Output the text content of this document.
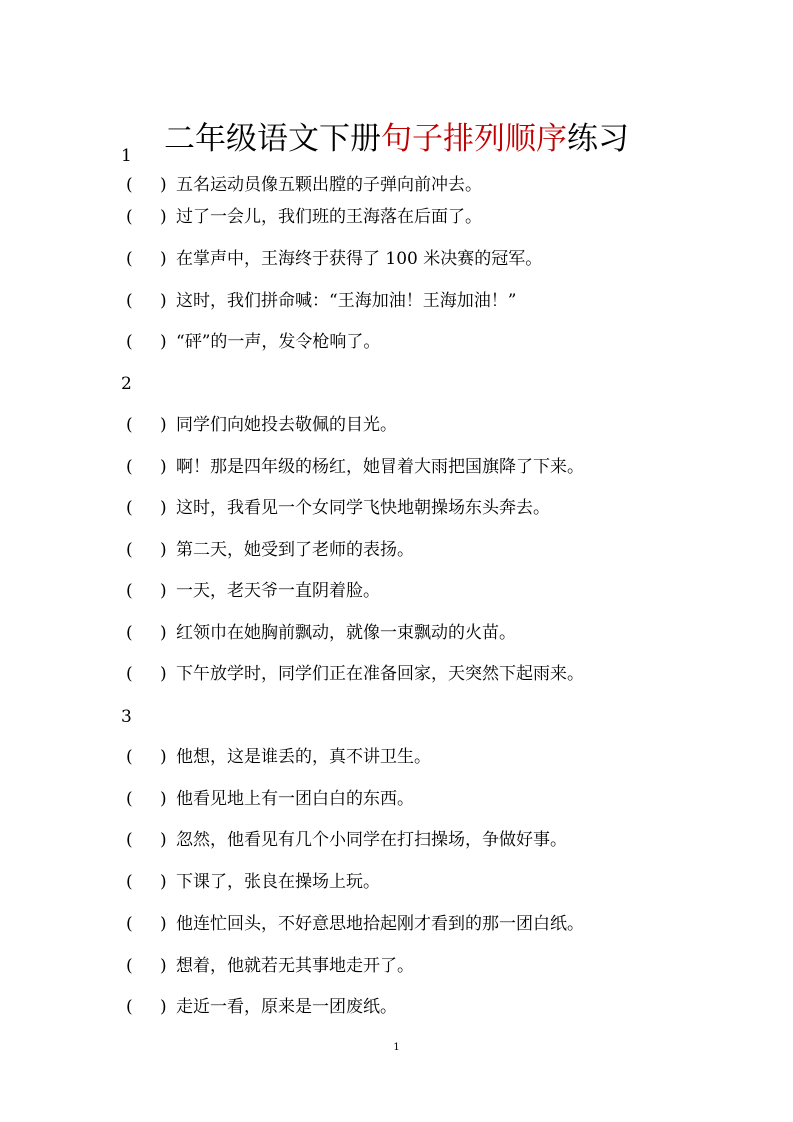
二年级语文下册句子排列顺序练习
1
( ) 五名运动员像五颗出膛的子弹向前冲去。
( ) 过了一会儿，我们班的王海落在后面了。
( ) 在掌声中，王海终于获得了 100 米决赛的冠军。
( ) 这时，我们拼命喊：“王海加油！王海加油！”
( ) “砰”的一声，发令枪响了。
2
( ) 同学们向她投去敬佩的目光。
( ) 啊！那是四年级的杨红，她冒着大雨把国旗降了下来。
( ) 这时，我看见一个女同学飞快地朝操场东头奔去。
( ) 第二天，她受到了老师的表扬。
( ) 一天，老天爷一直阴着脸。
( ) 红领巾在她胸前飘动，就像一束飘动的火苗。
( ) 下午放学时，同学们正在准备回家，天突然下起雨来。
3
( ) 他想，这是谁丢的，真不讲卫生。
( ) 他看见地上有一团白白的东西。
( ) 忽然，他看见有几个小同学在打扫操场，争做好事。
( ) 下课了，张良在操场上玩。
( ) 他连忙回头，不好意思地拾起刚才看到的那一团白纸。
( ) 想着，他就若无其事地走开了。
( ) 走近一看，原来是一团废纸。
1
